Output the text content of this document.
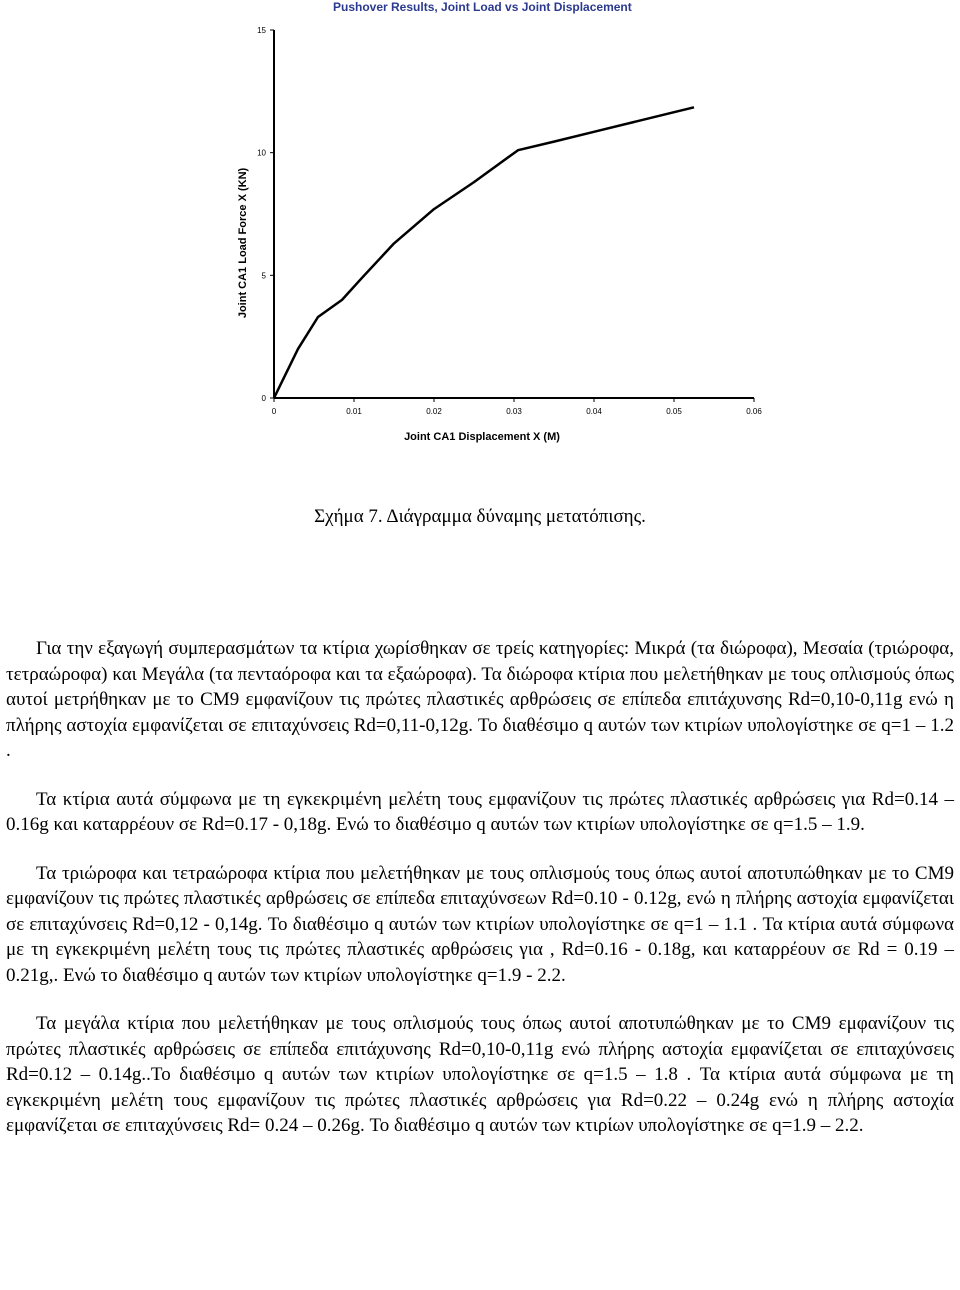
Pushover Results, Joint Load vs Joint Displacement
Joint CA1 Load Force X (KN)
Joint CA1 Displacement X (M)
0	0.01	0.02	0.03	0.04	0.05	0.06
0
5
10
15
Σχήμα 7. Διάγραμμα δύναμης μετατόπισης.

Για την εξαγωγή συμπερασμάτων τα κτίρια χωρίσθηκαν σε τρείς κατηγορίες: Μικρά (τα διώροφα), Μεσαία (τριώροφα, τετραώροφα) και Μεγάλα (τα πενταόροφα και τα εξαώροφα). Τα διώροφα κτίρια που μελετήθηκαν με τους οπλισμούς όπως αυτοί μετρήθηκαν με το CM9 εμφανίζουν τις πρώτες πλαστικές αρθρώσεις σε επίπεδα επιτάχυνσης Rd=0,10-0,11g ενώ η πλήρης αστοχία εμφανίζεται σε επιταχύνσεις Rd=0,11-0,12g. Το διαθέσιμο q αυτών των κτιρίων υπολογίστηκε σε q=1 – 1.2 .

Τα κτίρια αυτά σύμφωνα με τη εγκεκριμένη μελέτη τους εμφανίζουν τις πρώτες πλαστικές αρθρώσεις για Rd=0.14 – 0.16g και καταρρέουν σε Rd=0.17 - 0,18g. Ενώ το διαθέσιμο q αυτών των κτιρίων υπολογίστηκε σε q=1.5 – 1.9.

Τα τριώροφα και τετραώροφα κτίρια που μελετήθηκαν με τους οπλισμούς τους όπως αυτοί αποτυπώθηκαν με το CM9 εμφανίζουν τις πρώτες πλαστικές αρθρώσεις σε επίπεδα επιταχύνσεων Rd=0.10 - 0.12g, ενώ η πλήρης αστοχία εμφανίζεται σε επιταχύνσεις Rd=0,12 - 0,14g. Το διαθέσιμο q αυτών των κτιρίων υπολογίστηκε σε q=1 – 1.1 . Τα κτίρια αυτά σύμφωνα με τη εγκεκριμένη μελέτη τους τις πρώτες πλαστικές αρθρώσεις για , Rd=0.16 - 0.18g, και καταρρέουν σε Rd = 0.19 – 0.21g,. Ενώ το διαθέσιμο q αυτών των κτιρίων υπολογίστηκε q=1.9 - 2.2.

Τα μεγάλα κτίρια που μελετήθηκαν με τους οπλισμούς τους όπως αυτοί αποτυπώθηκαν με το CM9 εμφανίζουν τις πρώτες πλαστικές αρθρώσεις σε επίπεδα επιτάχυνσης Rd=0,10-0,11g ενώ πλήρης αστοχία εμφανίζεται σε επιταχύνσεις Rd=0.12 – 0.14g..Το διαθέσιμο q αυτών των κτιρίων υπολογίστηκε σε q=1.5 – 1.8 . Τα κτίρια αυτά σύμφωνα με τη εγκεκριμένη μελέτη τους εμφανίζουν τις πρώτες πλαστικές αρθρώσεις για Rd=0.22 – 0.24g ενώ η πλήρης αστοχία εμφανίζεται σε επιταχύνσεις Rd= 0.24 – 0.26g. Το διαθέσιμο q αυτών των κτιρίων υπολογίστηκε σε q=1.9 – 2.2.
